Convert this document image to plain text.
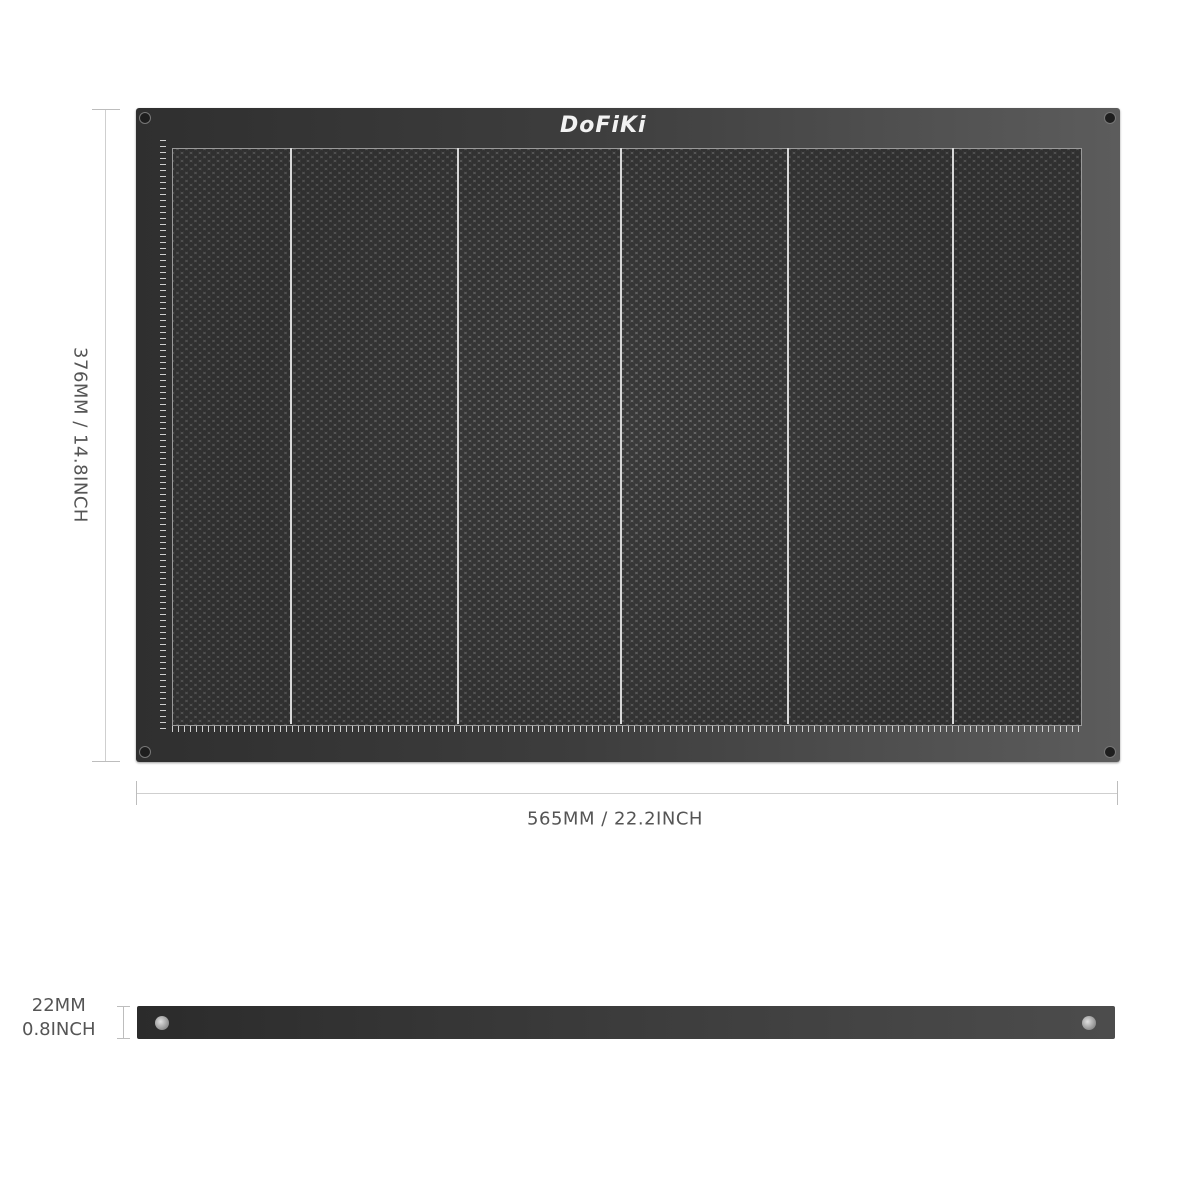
376MM / 14.8INCH
DoFiKi
565MM / 22.2INCH
22MM
0.8INCH
